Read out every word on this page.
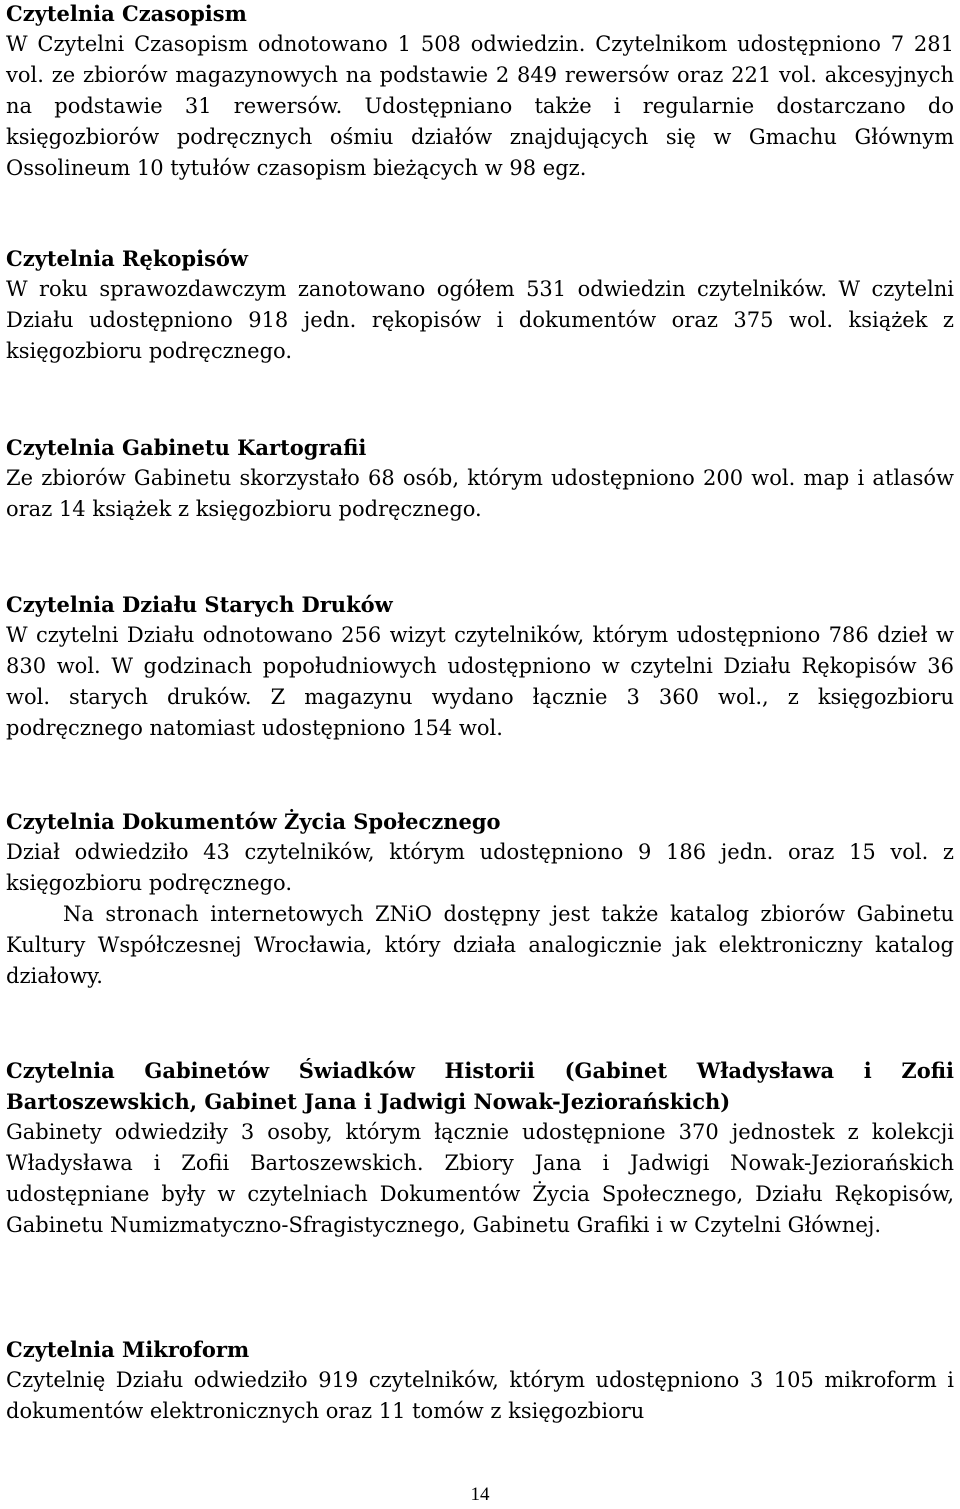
Czytelnia Czasopism
W Czytelni Czasopism odnotowano 1 508 odwiedzin. Czytelnikom udostępniono 7 281 vol. ze zbiorów magazynowych na podstawie 2 849 rewersów oraz 221 vol. akcesyjnych na podstawie 31 rewersów. Udostępniano także i regularnie dostarczano do księgozbiorów podręcznych ośmiu działów znajdujących się w Gmachu Głównym Ossolineum 10 tytułów czasopism bieżących w 98 egz.
Czytelnia Rękopisów
W roku sprawozdawczym zanotowano ogółem 531 odwiedzin czytelników. W czytelni Działu udostępniono 918 jedn. rękopisów i dokumentów oraz 375 wol. książek z księgozbioru podręcznego.
Czytelnia Gabinetu Kartografii
Ze zbiorów Gabinetu skorzystało 68 osób, którym udostępniono 200 wol. map i atlasów oraz 14 książek z księgozbioru podręcznego.
Czytelnia Działu Starych Druków
W czytelni Działu odnotowano 256 wizyt czytelników, którym udostępniono 786 dzieł w 830 wol. W godzinach popołudniowych udostępniono w czytelni Działu Rękopisów 36 wol. starych druków. Z magazynu wydano łącznie 3 360 wol., z księgozbioru podręcznego natomiast udostępniono 154 wol.
Czytelnia Dokumentów Życia Społecznego
Dział odwiedziło 43 czytelników, którym udostępniono 9 186 jedn. oraz 15 vol. z księgozbioru podręcznego.
Na stronach internetowych ZNiO dostępny jest także katalog zbiorów Gabinetu Kultury Współczesnej Wrocławia, który działa analogicznie jak elektroniczny katalog działowy.
Czytelnia Gabinetów Świadków Historii (Gabinet Władysława i Zofii Bartoszewskich, Gabinet Jana i Jadwigi Nowak-Jeziorańskich)
Gabinety odwiedziły 3 osoby, którym łącznie udostępnione 370 jednostek z kolekcji Władysława i Zofii Bartoszewskich. Zbiory Jana i Jadwigi Nowak-Jeziorańskich udostępniane były w czytelniach Dokumentów Życia Społecznego, Działu Rękopisów, Gabinetu Numizmatyczno-Sfragistycznego, Gabinetu Grafiki i w Czytelni Głównej.
Czytelnia Mikroform
Czytelnię Działu odwiedziło 919 czytelników, którym udostępniono 3 105 mikroform i dokumentów elektronicznych oraz 11 tomów z księgozbioru
14
